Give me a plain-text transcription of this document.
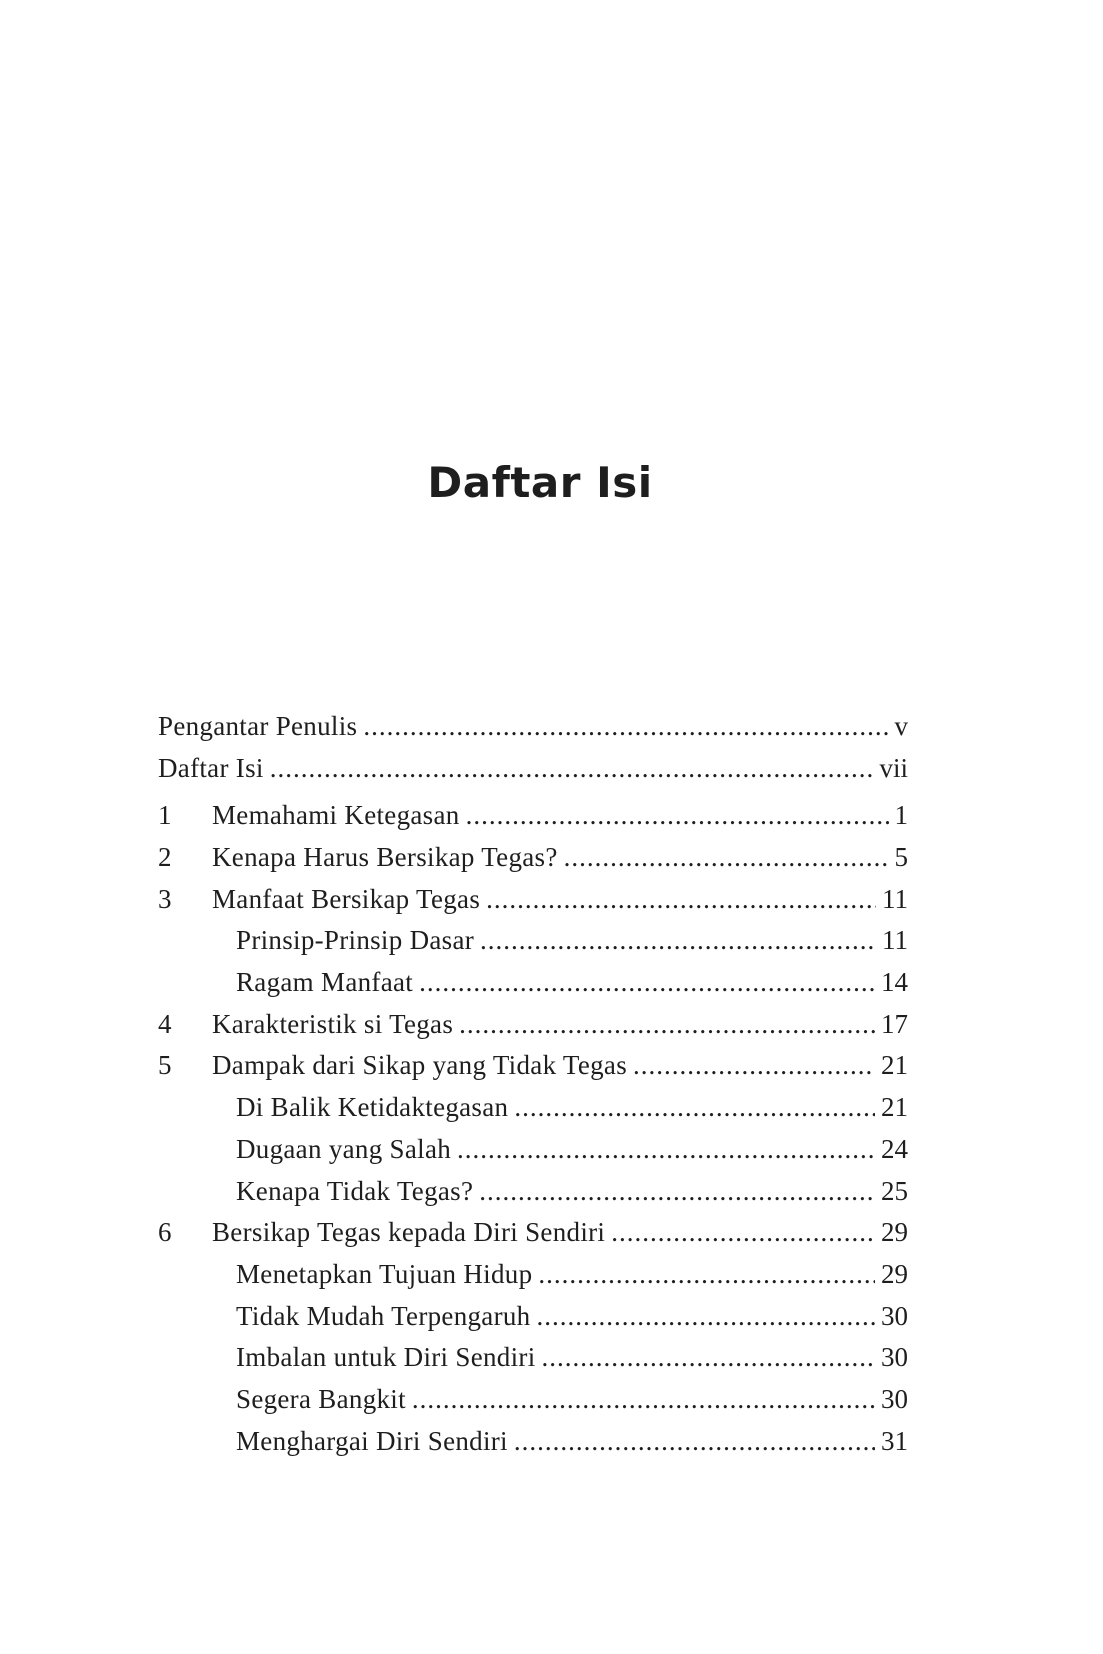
Daftar Isi
Pengantar Penulis .....	v
Daftar Isi .....	vii
1	Memahami Ketegasan .....	1
2	Kenapa Harus Bersikap Tegas? .....	5
3	Manfaat Bersikap Tegas .....	11
Prinsip-Prinsip Dasar .....	11
Ragam Manfaat .....	14
4	Karakteristik si Tegas .....	17
5	Dampak dari Sikap yang Tidak Tegas .....	21
Di Balik Ketidaktegasan .....	21
Dugaan yang Salah .....	24
Kenapa Tidak Tegas? .....	25
6	Bersikap Tegas kepada Diri Sendiri .....	29
Menetapkan Tujuan Hidup .....	29
Tidak Mudah Terpengaruh .....	30
Imbalan untuk Diri Sendiri .....	30
Segera Bangkit .....	30
Menghargai Diri Sendiri .....	31
